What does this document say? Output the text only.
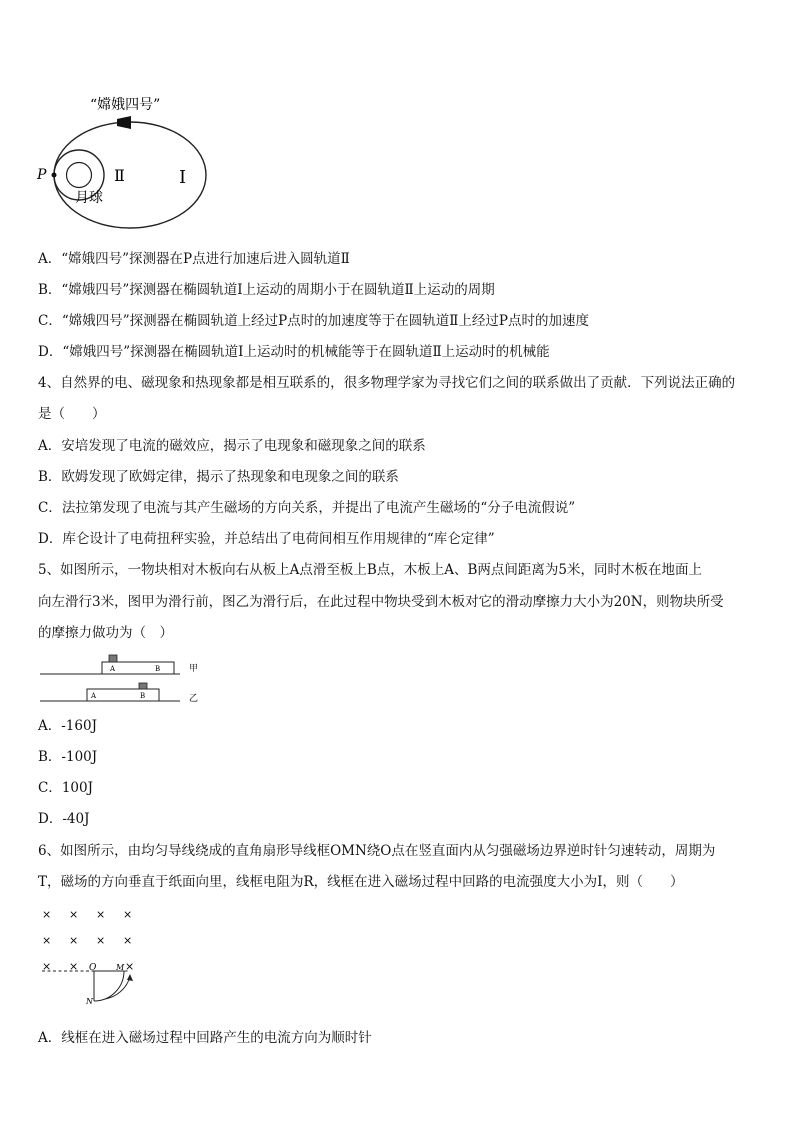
“嫦娥四号”
P	Ⅱ	Ⅰ
月球
A．“嫦娥四号”探测器在P点进行加速后进入圆轨道Ⅱ
B．“嫦娥四号”探测器在椭圆轨道Ⅰ上运动的周期小于在圆轨道Ⅱ上运动的周期
C．“嫦娥四号”探测器在椭圆轨道上经过P点时的加速度等于在圆轨道Ⅱ上经过P点时的加速度
D．“嫦娥四号”探测器在椭圆轨道Ⅰ上运动时的机械能等于在圆轨道Ⅱ上运动时的机械能
4、自然界的电、磁现象和热现象都是相互联系的，很多物理学家为寻找它们之间的联系做出了贡献．下列说法正确的
是（　　）
A．安培发现了电流的磁效应，揭示了电现象和磁现象之间的联系
B．欧姆发现了欧姆定律，揭示了热现象和电现象之间的联系
C．法拉第发现了电流与其产生磁场的方向关系，并提出了电流产生磁场的“分子电流假说”
D．库仑设计了电荷扭秤实验，并总结出了电荷间相互作用规律的“库仑定律”
5、如图所示，一物块相对木板向右从板上A点滑至板上B点，木板上A、B两点间距离为5米，同时木板在地面上
向左滑行3米，图甲为滑行前，图乙为滑行后，在此过程中物块受到木板对它的滑动摩擦力大小为20N，则物块所受
的摩擦力做功为（　）
A	B	甲
A	B	乙
A．-160J
B．-100J
C．100J
D．-40J
6、如图所示，由均匀导线绕成的直角扇形导线框OMN绕O点在竖直面内从匀强磁场边界逆时针匀速转动，周期为
T，磁场的方向垂直于纸面向里，线框电阻为R，线框在进入磁场过程中回路的电流强度大小为I，则（　　）
× × × ×
× × × ×
× ×	×
O M
N
A．线框在进入磁场过程中回路产生的电流方向为顺时针
